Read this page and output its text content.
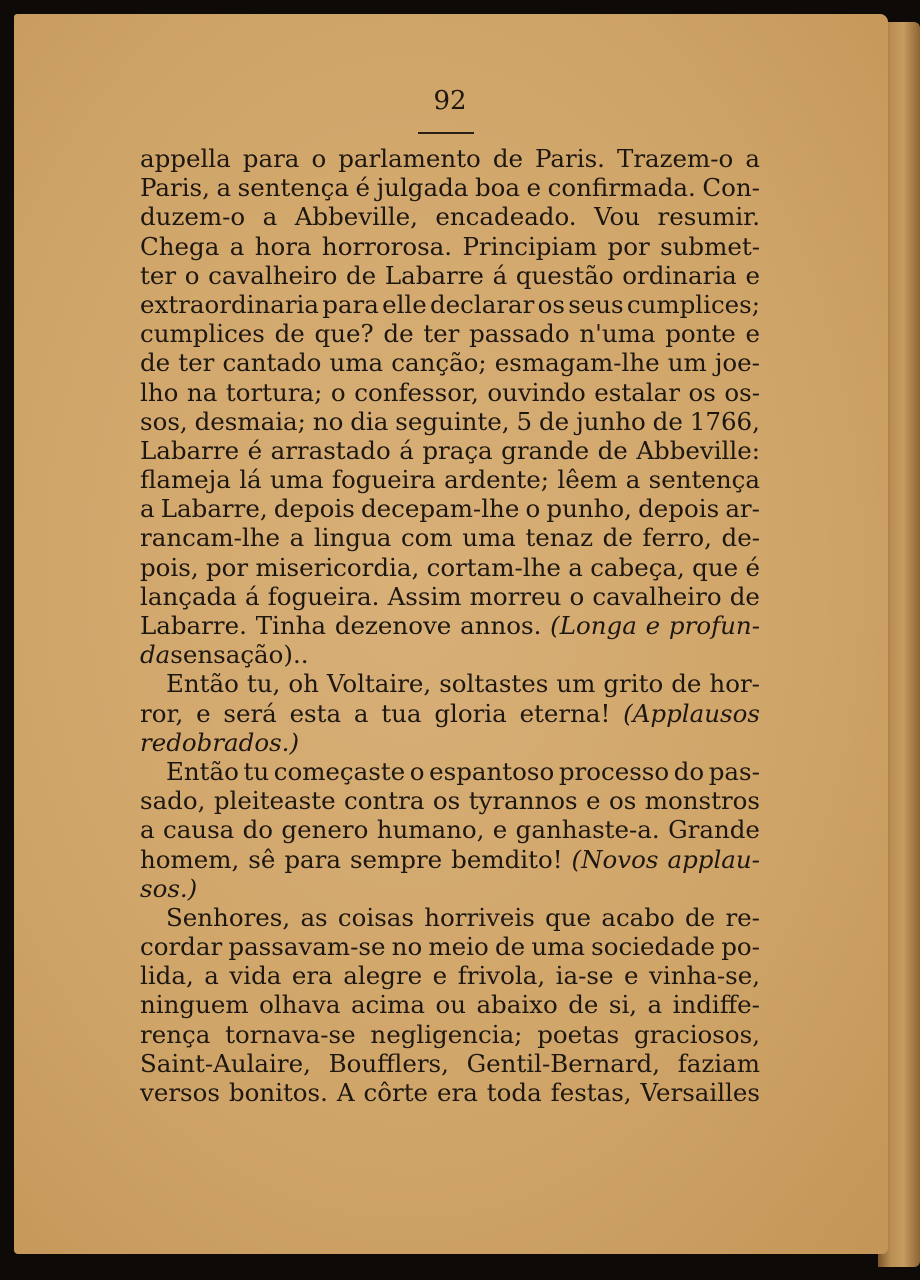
92
appella para o parlamento de Paris. Trazem-o a
Paris, a sentença é julgada boa e confirmada. Con-
duzem-o a Abbeville, encadeado. Vou resumir.
Chega a hora horrorosa. Principiam por submet-
ter o cavalheiro de Labarre á questão ordinaria e
extraordinaria para elle declarar os seus cumplices;
cumplices de que? de ter passado n'uma ponte e
de ter cantado uma canção; esmagam-lhe um joe-
lho na tortura; o confessor, ouvindo estalar os os-
sos, desmaia; no dia seguinte, 5 de junho de 1766,
Labarre é arrastado á praça grande de Abbeville:
flameja lá uma fogueira ardente; lêem a sentença
a Labarre, depois decepam-lhe o punho, depois ar-
rancam-lhe a lingua com uma tenaz de ferro, de-
pois, por misericordia, cortam-lhe a cabeça, que é
lançada á fogueira. Assim morreu o cavalheiro de
Labarre. Tinha dezenove annos. (Longa e profun-
da sensação)..
Então tu, oh Voltaire, soltastes um grito de hor-
ror, e será esta a tua gloria eterna! (Applausos
redobrados.)
Então tu começaste o espantoso processo do pas-
sado, pleiteaste contra os tyrannos e os monstros
a causa do genero humano, e ganhaste-a. Grande
homem, sê para sempre bemdito! (Novos applau-
sos.)
Senhores, as coisas horriveis que acabo de re-
cordar passavam-se no meio de uma sociedade po-
lida, a vida era alegre e frivola, ia-se e vinha-se,
ninguem olhava acima ou abaixo de si, a indiffe-
rença tornava-se negligencia; poetas graciosos,
Saint-Aulaire, Boufflers, Gentil-Bernard, faziam
versos bonitos. A côrte era toda festas, Versailles
